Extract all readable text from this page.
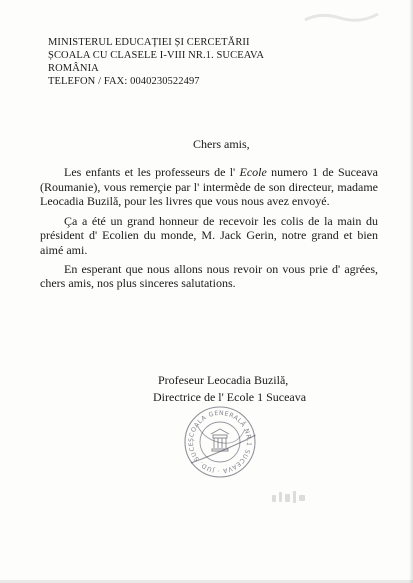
MINISTERUL EDUCAȚIEI ȘI CERCETĂRII
ȘCOALA CU CLASELE I-VIII NR.1. SUCEAVA
ROMÂNIA
TELEFON / FAX: 0040230522497
Chers amis,

Les enfants et les professeurs de l' Ecole numero 1 de Suceava (Roumanie), vous remerçie par l' intermède de son directeur, madame Leocadia Buzilă, pour les livres que vous nous avez envoyé.

Ça a été un grand honneur de recevoir les colis de la main du président d' Ecolien du monde, M. Jack Gerin, notre grand et bien aimé ami.

En esperant que nous allons nous revoir on vous prie d' agrées, chers amis, nos plus sinceres salutations.

Profeseur Leocadia Buzilă,
Directrice de l' Ecole 1 Suceava
ȘCOALA GENERALĂ NR.1 SUCEAVA · JUD. SUCE
